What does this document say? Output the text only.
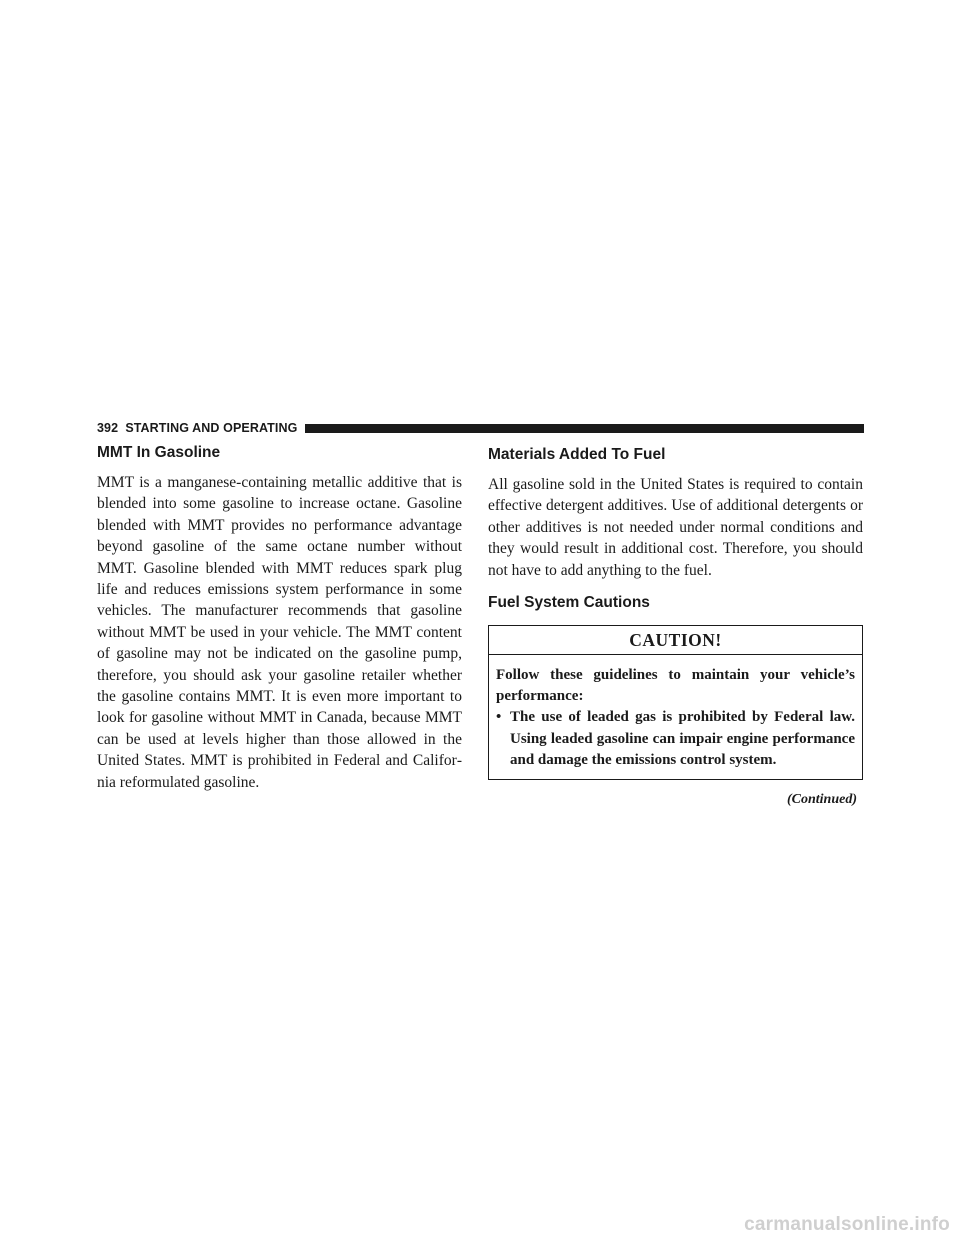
392 STARTING AND OPERATING
MMT In Gasoline

MMT is a manganese-containing metallic additive that is blended into some gasoline to increase octane. Gasoline blended with MMT provides no performance advantage beyond gasoline of the same octane number without MMT. Gasoline blended with MMT reduces spark plug life and reduces emissions system performance in some vehicles. The manufacturer recommends that gasoline without MMT be used in your vehicle. The MMT content of gasoline may not be indicated on the gasoline pump, therefore, you should ask your gasoline retailer whether the gasoline contains MMT. It is even more important to look for gasoline without MMT in Canada, because MMT can be used at levels higher than those allowed in the United States. MMT is prohibited in Federal and California reformulated gasoline.

Materials Added To Fuel

All gasoline sold in the United States is required to contain effective detergent additives. Use of additional detergents or other additives is not needed under normal conditions and they would result in additional cost. Therefore, you should not have to add anything to the fuel.

Fuel System Cautions
CAUTION!
Follow these guidelines to maintain your vehicle’s performance:
• The use of leaded gas is prohibited by Federal law. Using leaded gasoline can impair engine performance and damage the emissions control system.
(Continued)
carmanualsonline.info
